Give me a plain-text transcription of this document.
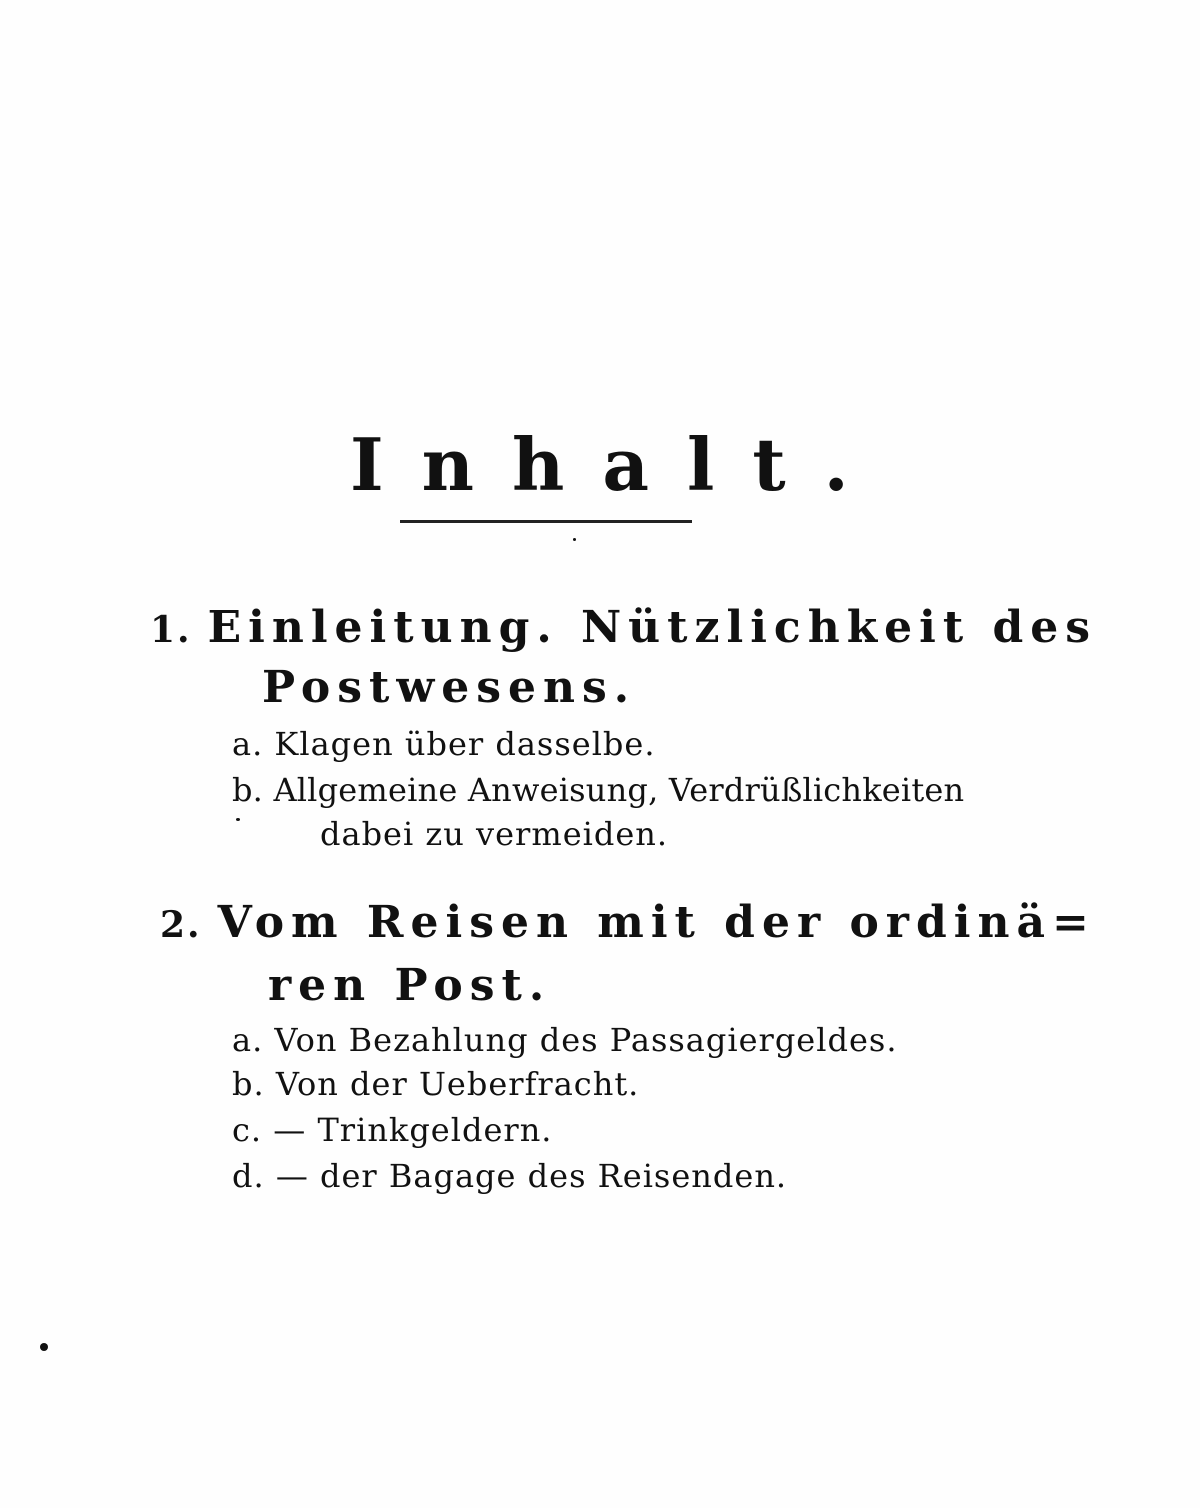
Inhalt.
1. Einleitung. Nützlichkeit des
Postwesens.
a. Klagen über dasselbe.
b. Allgemeine Anweisung, Verdrüßlichkeiten
dabei zu vermeiden.
2. Vom Reisen mit der ordinä=
ren Post.
a. Von Bezahlung des Passagiergeldes.
b. Von der Ueberfracht.
c. — Trinkgeldern.
d. — der Bagage des Reisenden.
